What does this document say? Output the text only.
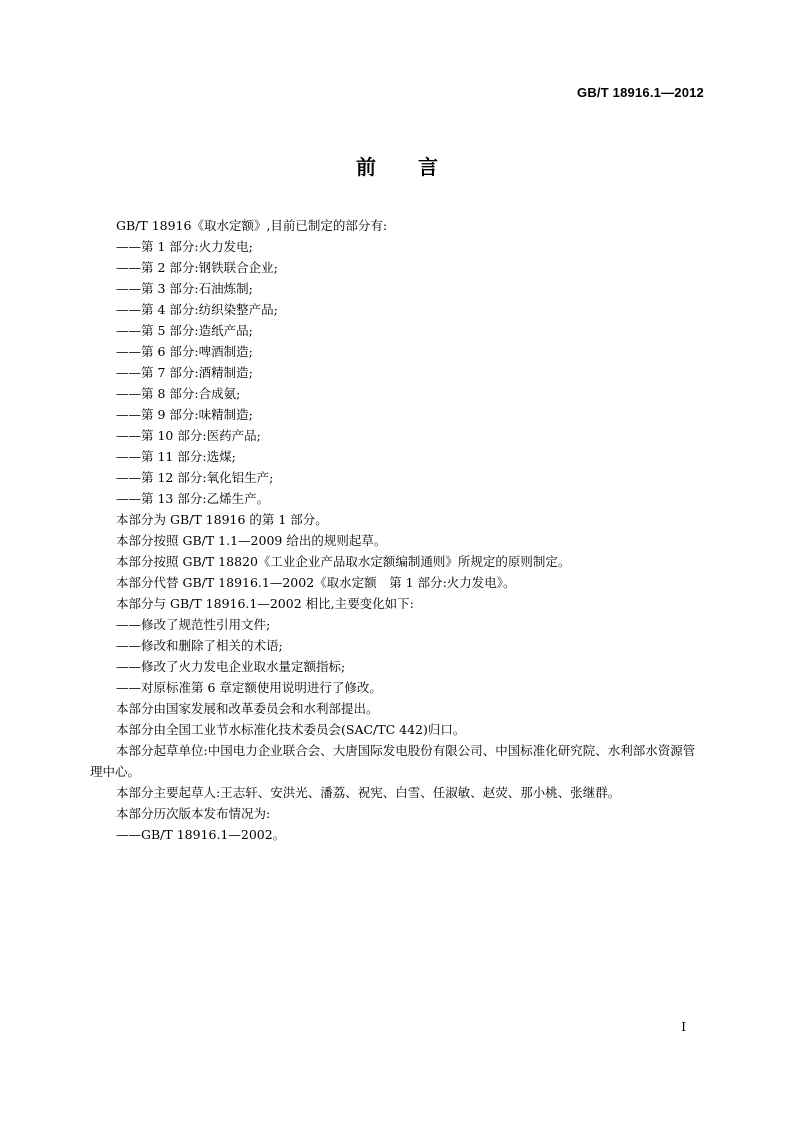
GB/T 18916.1—2012
前 言

GB/T 18916《取水定额》,目前已制定的部分有:

——第 1 部分:火力发电;

——第 2 部分:钢铁联合企业;

——第 3 部分:石油炼制;

——第 4 部分:纺织染整产品;

——第 5 部分:造纸产品;

——第 6 部分:啤酒制造;

——第 7 部分:酒精制造;

——第 8 部分:合成氨;

——第 9 部分:味精制造;

——第 10 部分:医药产品;

——第 11 部分:选煤;

——第 12 部分:氧化铝生产;

——第 13 部分:乙烯生产。

本部分为 GB/T 18916 的第 1 部分。

本部分按照 GB/T 1.1—2009 给出的规则起草。

本部分按照 GB/T 18820《工业企业产品取水定额编制通则》所规定的原则制定。

本部分代替 GB/T 18916.1—2002《取水定额　第 1 部分:火力发电》。

本部分与 GB/T 18916.1—2002 相比,主要变化如下:

——修改了规范性引用文件;

——修改和删除了相关的术语;

——修改了火力发电企业取水量定额指标;

——对原标准第 6 章定额使用说明进行了修改。

本部分由国家发展和改革委员会和水利部提出。

本部分由全国工业节水标准化技术委员会(SAC/TC 442)归口。

本部分起草单位:中国电力企业联合会、大唐国际发电股份有限公司、中国标准化研究院、水利部水资源管理中心。

本部分主要起草人:王志轩、安洪光、潘荔、祝宪、白雪、任淑敏、赵荧、那小桃、张继群。

本部分历次版本发布情况为:

——GB/T 18916.1—2002。

I
